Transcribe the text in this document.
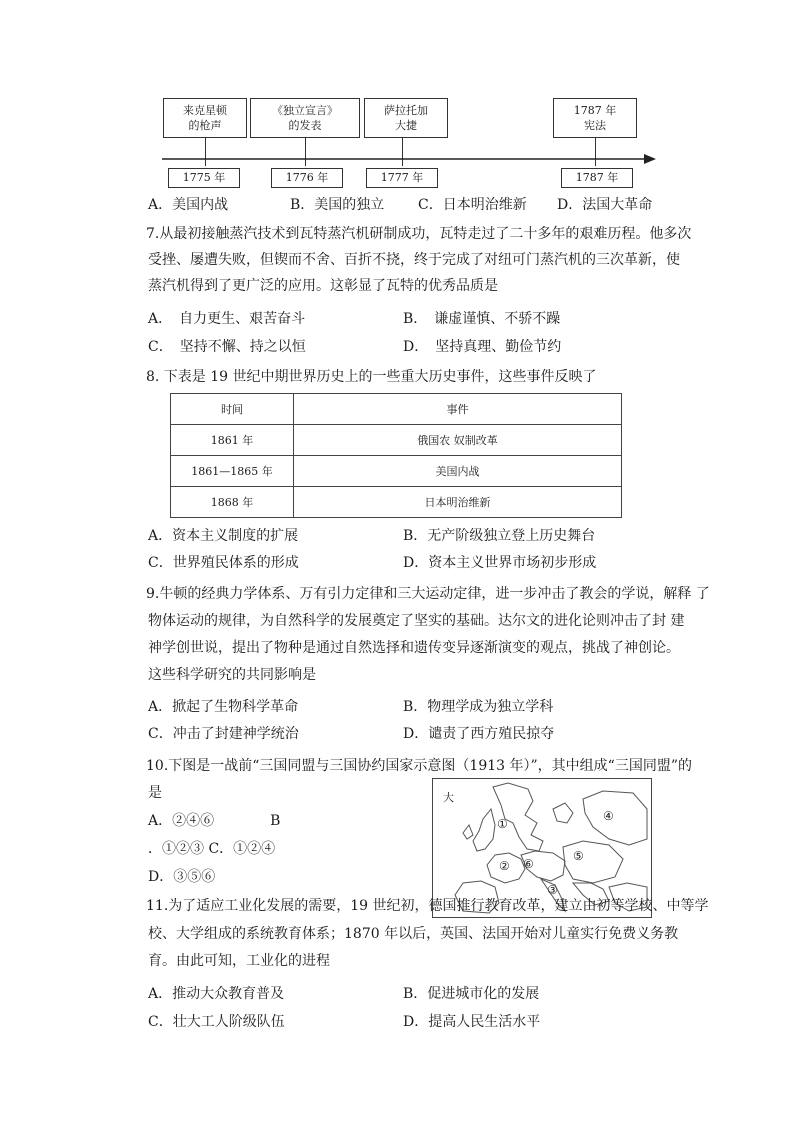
来克星顿
的枪声
《独立宣言》
的发表
萨拉托加
大捷
1787 年
宪法
1775 年	1776 年	1777 年	1787 年
A．美国内战	B．美国的独立 C．日本明治维新 D．法国大革命
7.从最初接触蒸汽技术到瓦特蒸汽机研制成功，瓦特走过了二十多年的艰难历程。他多次
受挫、屡遭失败，但锲而不舍、百折不挠，终于完成了对纽可门蒸汽机的三次革新，使
蒸汽机得到了更广泛的应用。这彰显了瓦特的优秀品质是
A．　自力更生、艰苦奋斗	B．　谦虚谨慎、不骄不躁
C．　坚持不懈、持之以恒	D．　坚持真理、勤俭节约
8. 下表是 19 世纪中期世界历史上的一些重大历史事件，这些事件反映了
时间	事件
1861 年	俄国农 奴制改革
1861—1865 年	美国内战
1868 年	日本明治维新
A．资本主义制度的扩展	B．无产阶级独立登上历史舞台
C．世界殖民体系的形成	D．资本主义世界市场初步形成
9.牛顿的经典力学体系、万有引力定律和三大运动定律，进一步冲击了教会的学说，解释 了
物体运动的规律，为自然科学的发展奠定了坚实的基础。达尔文的进化论则冲击了封 建
神学创世说，提出了物种是通过自然选择和遗传变异逐渐演变的观点，挑战了神创论。
这些科学研究的共同影响是
A．掀起了生物科学革命	B．物理学成为独立学科
C．冲击了封建神学统治	D．谴责了西方殖民掠夺
10.下图是一战前“三国同盟与三国协约国家示意图（1913 年）”，其中组成“三国同盟”的
是
A．②④⑥　　　　B
．①②③ C．①②④
D．③⑤⑥
大
①
②
③
④
⑤
⑥
11.为了适应工业化发展的需要，19 世纪初，德国推行教育改革，建立由初等学校、中等学
校、大学组成的系统教育体系；1870 年以后，英国、法国开始对儿童实行免费义务教
育。由此可知，工业化的进程
A．推动大众教育普及	B．促进城市化的发展
C．壮大工人阶级队伍	D．提高人民生活水平
